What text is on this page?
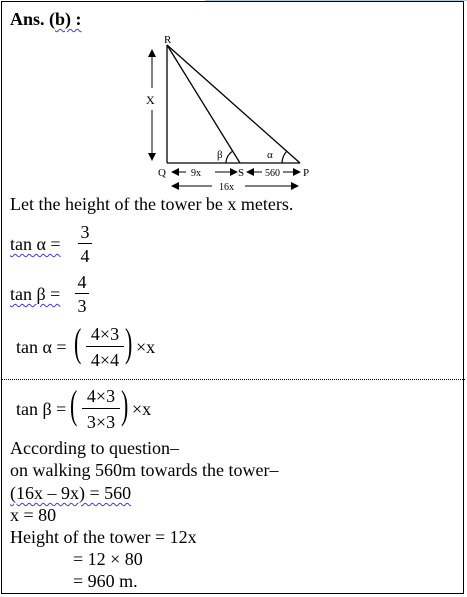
Ans. (b) :
R
X
β	α
Q	9x	S 560 P
16x
Let the height of the tower be x meters.
tan α =
3
4
tan β =
4
3
tan α = ( 4×3
4×4 ) ×x
tan β = ( 4×3
3×3 ) ×x
According to question–
on walking 560m towards the tower–
(16x – 9x) = 560
x = 80
Height of the tower = 12x
= 12 × 80
= 960 m.
